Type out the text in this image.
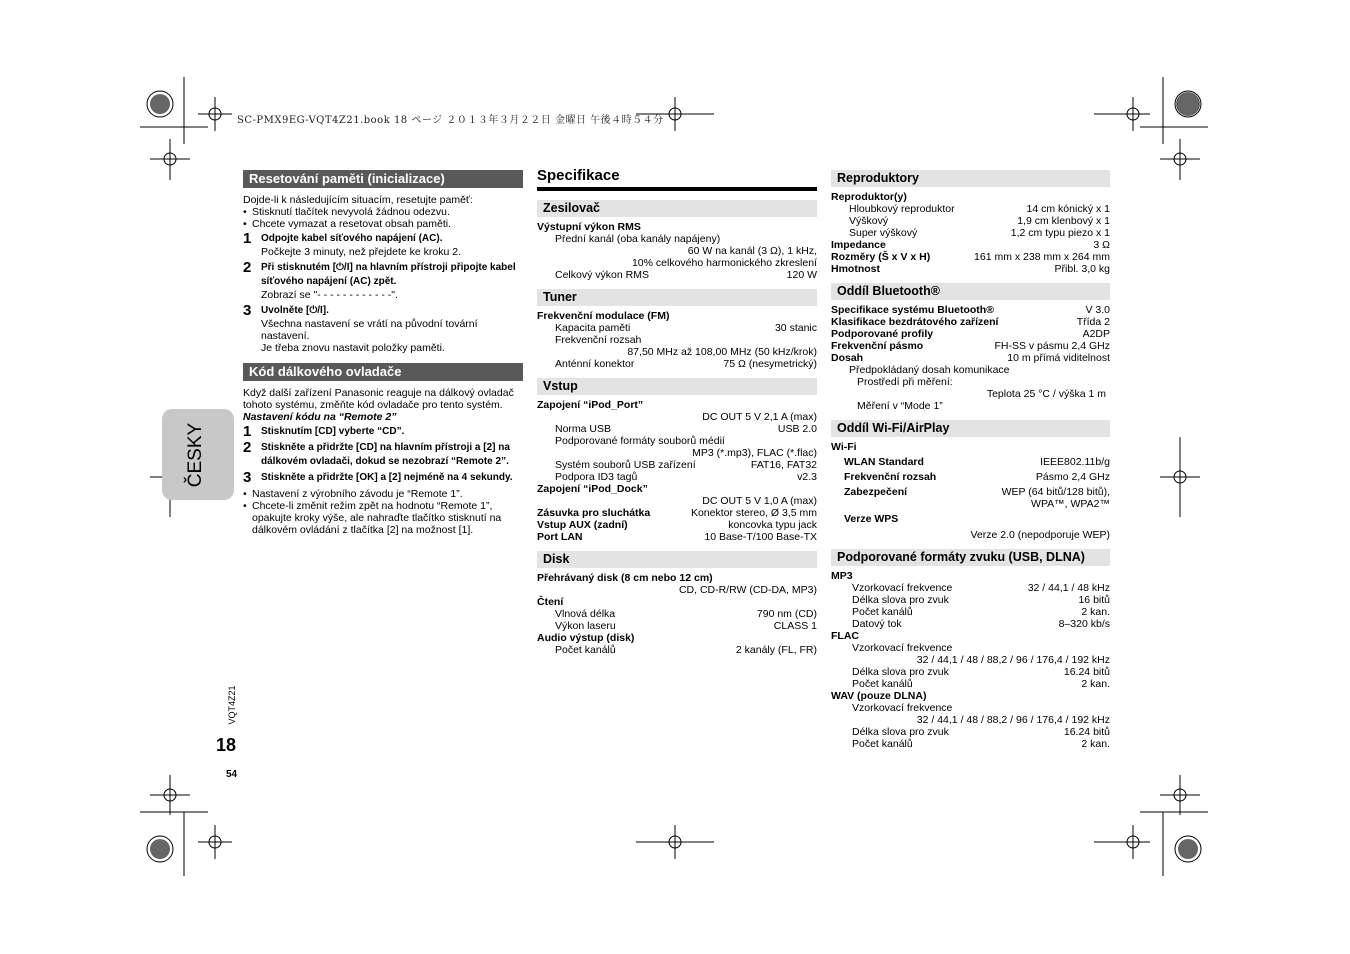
SC-PMX9EG-VQT4Z21.book 18 ページ ２０１３年３月２２日 金曜日 午後４時５４分
ČESKY
VQT4Z21
18
54
Resetování paměti (inicializace)
Dojde-li k následujícím situacím, resetujte paměť:
• Stisknutí tlačítek nevyvolá žádnou odezvu.
• Chcete vymazat a resetovat obsah paměti.
1 Odpojte kabel síťového napájení (AC).
Počkejte 3 minuty, než přejdete ke kroku 2.
2 Při stisknutém [⏻/I] na hlavním přístroji připojte kabel síťového napájení (AC) zpět.
Zobrazí se "- - - - - - - - - - - -".
3 Uvolněte [⏻/I].
Všechna nastavení se vrátí na původní tovární nastavení.
Je třeba znovu nastavit položky paměti.
Kód dálkového ovladače
Když další zařízení Panasonic reaguje na dálkový ovladač tohoto systému, změňte kód ovladače pro tento systém.
Nastavení kódu na “Remote 2”
1 Stisknutím [CD] vyberte “CD”.
2 Stiskněte a přidržte [CD] na hlavním přístroji a [2] na dálkovém ovladači, dokud se nezobrazí “Remote 2”.
3 Stiskněte a přidržte [OK] a [2] nejméně na 4 sekundy.
• Nastavení z výrobního závodu je “Remote 1”.
• Chcete-li změnit režim zpět na hodnotu “Remote 1”, opakujte kroky výše, ale nahraďte tlačítko stisknutí na dálkovém ovládání z tlačítka [2] na možnost [1].
Specifikace
Zesilovač
Výstupní výkon RMS
Přední kanál (oba kanály napájeny)
60 W na kanál (3 Ω), 1 kHz,
10% celkového harmonického zkreslení
Celkový výkon RMS	120 W
Tuner
Frekvenční modulace (FM)
Kapacita paměti	30 stanic
Frekvenční rozsah
87,50 MHz až 108,00 MHz (50 kHz/krok)
Anténní konektor	75 Ω (nesymetrický)
Vstup
Zapojení “iPod_Port”
DC OUT 5 V 2,1 A (max)
Norma USB	USB 2.0
Podporované formáty souborů médií
MP3 (*.mp3), FLAC (*.flac)
Systém souborů USB zařízení	FAT16, FAT32
Podpora ID3 tagů	v2.3
Zapojení “iPod_Dock”
DC OUT 5 V 1,0 A (max)
Zásuvka pro sluchátka	Konektor stereo, Ø 3,5 mm
Vstup AUX (zadní)	koncovka typu jack
Port LAN	10 Base-T/100 Base-TX
Disk
Přehrávaný disk (8 cm nebo 12 cm)
CD, CD-R/RW (CD-DA, MP3)
Čtení
Vlnová délka	790 nm (CD)
Výkon laseru	CLASS 1
Audio výstup (disk)
Počet kanálů	2 kanály (FL, FR)
Reproduktory
Reproduktor(y)
Hloubkový reproduktor	14 cm kónický x 1
Výškový	1,9 cm klenbový x 1
Super výškový	1,2 cm typu piezo x 1
Impedance	3 Ω
Rozměry (Š x V x H)	161 mm x 238 mm x 264 mm
Hmotnost	Přibl. 3,0 kg
Oddíl Bluetooth®
Specifikace systému Bluetooth®	V 3.0
Klasifikace bezdrátového zařízení	Třída 2
Podporované profily	A2DP
Frekvenční pásmo	FH-SS v pásmu 2,4 GHz
Dosah	10 m přímá viditelnost
Předpokládaný dosah komunikace
Prostředí při měření:
Teplota 25 °C / výška 1 m
Měření v “Mode 1”
Oddíl Wi-Fi/AirPlay
Wi-Fi
WLAN Standard	IEEE802.11b/g
Frekvenční rozsah	Pásmo 2,4 GHz
Zabezpečení	WEP (64 bitů/128 bitů),
WPA™, WPA2™
Verze WPS
Verze 2.0 (nepodporuje WEP)
Podporované formáty zvuku (USB, DLNA)
MP3
Vzorkovací frekvence	32 / 44,1 / 48 kHz
Délka slova pro zvuk	16 bitů
Počet kanálů	2 kan.
Datový tok	8–320 kb/s
FLAC
Vzorkovací frekvence
32 / 44,1 / 48 / 88,2 / 96 / 176,4 / 192 kHz
Délka slova pro zvuk	16.24 bitů
Počet kanálů	2 kan.
WAV (pouze DLNA)
Vzorkovací frekvence
32 / 44,1 / 48 / 88,2 / 96 / 176,4 / 192 kHz
Délka slova pro zvuk	16.24 bitů
Počet kanálů	2 kan.
